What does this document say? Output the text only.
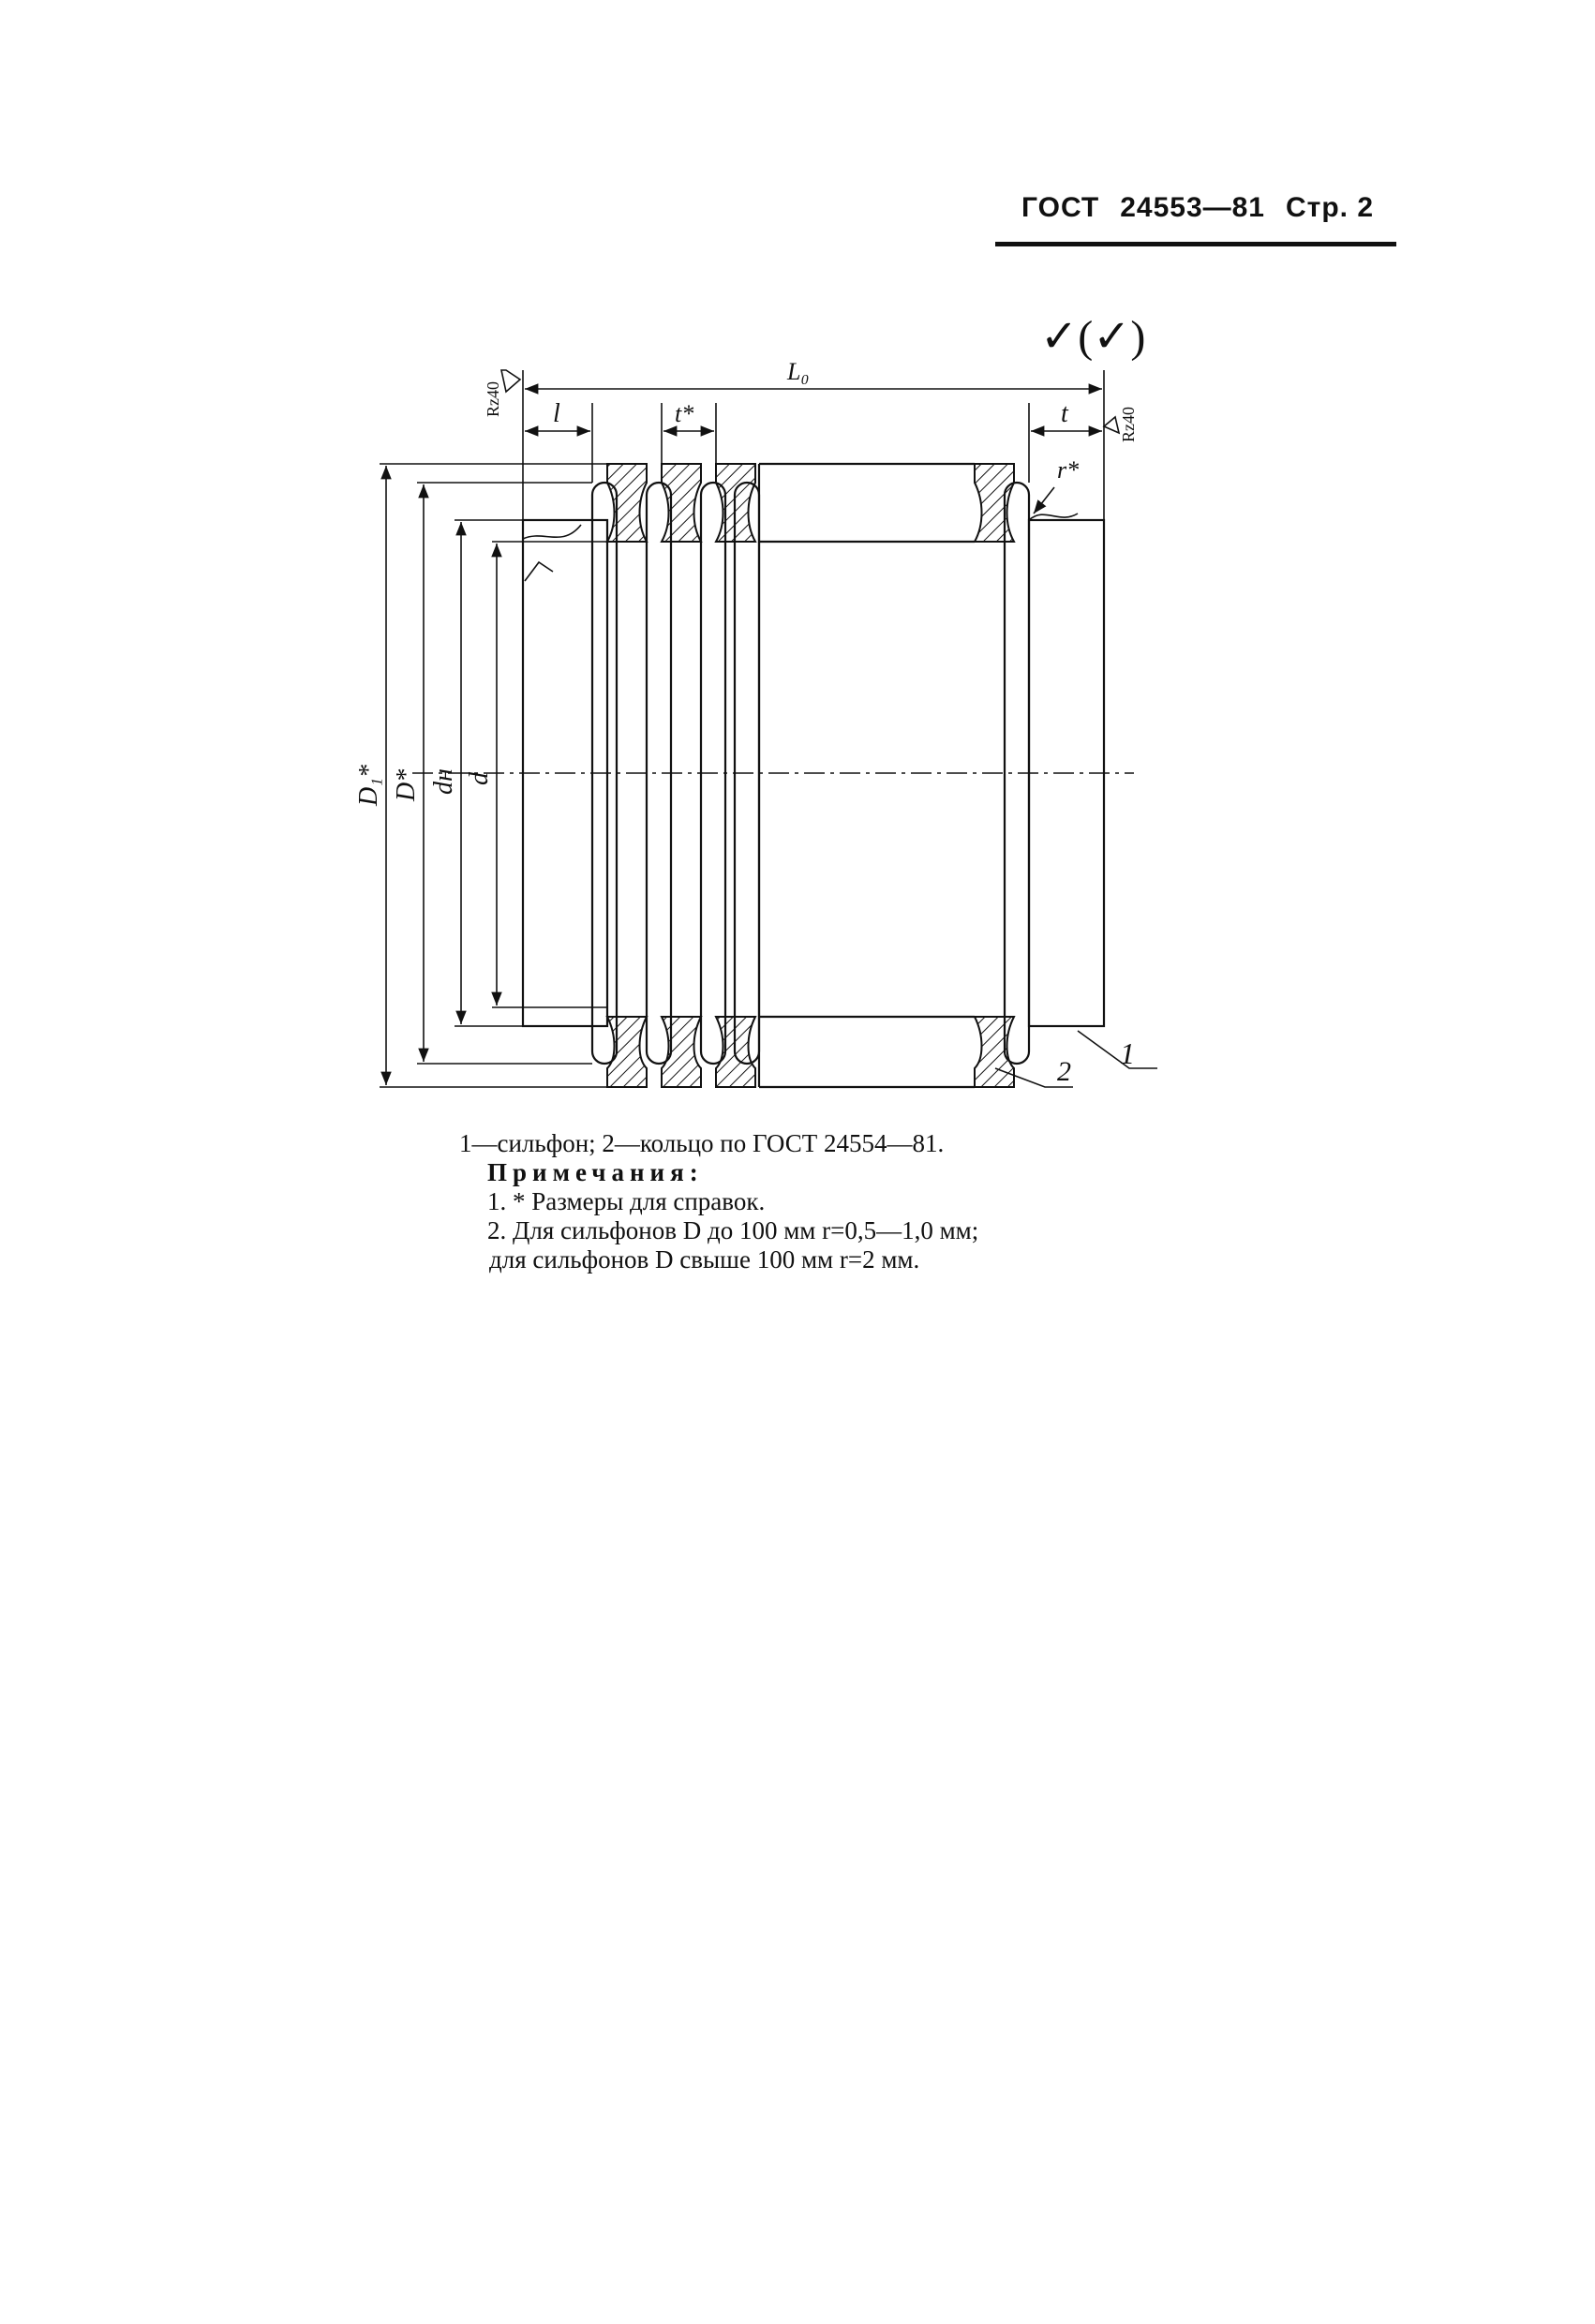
ГОСТ 24553—81 Стр. 2
L₀
l	t*	t
r*
D₁* D* dн d
Rz40
Rz40
✓(✓)
1
2
1—сильфон; 2—кольцо по ГОСТ 24554—81.
Примечания:
1. * Размеры для справок.
2. Для сильфонов D до 100 мм r=0,5—1,0 мм;
для сильфонов D свыше 100 мм r=2 мм.
